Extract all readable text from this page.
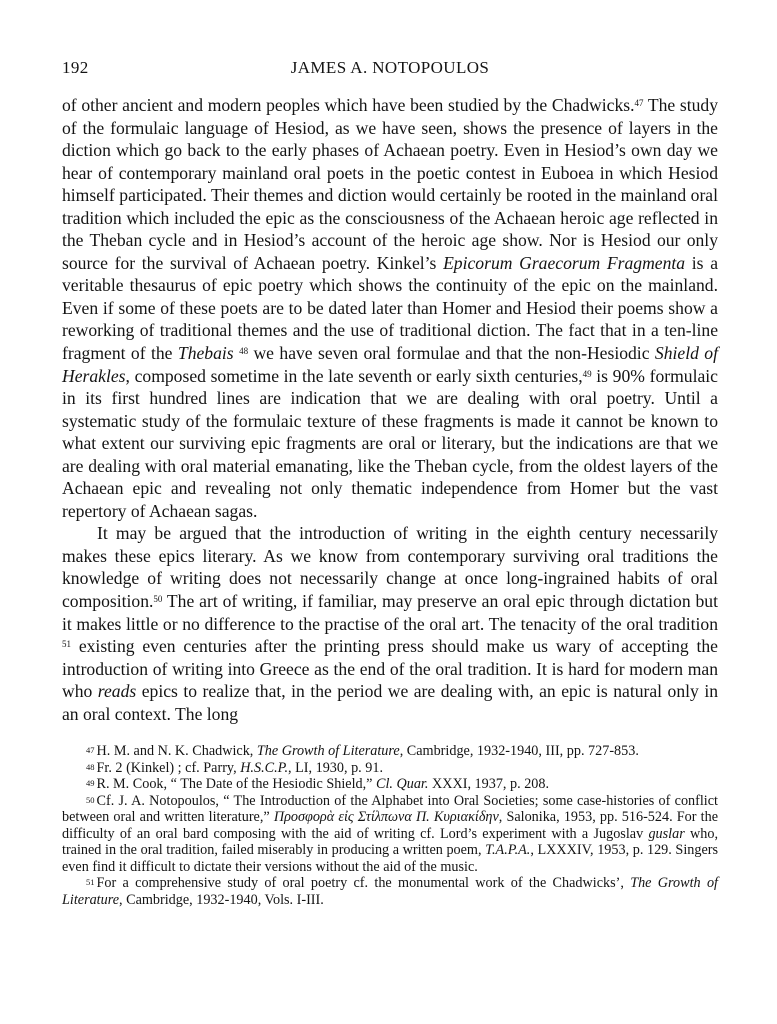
192	JAMES A. NOTOPOULOS

of other ancient and modern peoples which have been studied by the Chadwicks.$^{47}$ The study of the formulaic language of Hesiod, as we have seen, shows the presence of layers in the diction which go back to the early phases of Achaean poetry. Even in Hesiod’s own day we hear of contemporary mainland oral poets in the poetic contest in Euboea in which Hesiod himself participated. Their themes and diction would certainly be rooted in the mainland oral tradition which included the epic as the consciousness of the Achaean heroic age reflected in the Theban cycle and in Hesiod’s account of the heroic age show. Nor is Hesiod our only source for the survival of Achaean poetry. Kinkel’s Epicorum Graecorum Fragmenta is a veritable thesaurus of epic poetry which shows the continuity of the epic on the mainland. Even if some of these poets are to be dated later than Homer and Hesiod their poems show a reworking of traditional themes and the use of traditional diction. The fact that in a ten-line fragment of the Thebais $^{48}$ we have seven oral formulae and that the non-Hesiodic Shield of Herakles, composed sometime in the late seventh or early sixth centuries,$^{49}$ is 90% formulaic in its first hundred lines are indication that we are dealing with oral poetry. Until a systematic study of the formulaic texture of these fragments is made it cannot be known to what extent our surviving epic fragments are oral or literary, but the indications are that we are dealing with oral material emanating, like the Theban cycle, from the oldest layers of the Achaean epic and revealing not only thematic independence from Homer but the vast repertory of Achaean sagas.

It may be argued that the introduction of writing in the eighth century necessarily makes these epics literary. As we know from contemporary surviving oral traditions the knowledge of writing does not necessarily change at once long-ingrained habits of oral composition.$^{50}$ The art of writing, if familiar, may preserve an oral epic through dictation but it makes little or no difference to the practise of the oral art. The tenacity of the oral tradition $^{51}$ existing even centuries after the printing press should make us wary of accepting the introduction of writing into Greece as the end of the oral tradition. It is hard for modern man who reads epics to realize that, in the period we are dealing with, an epic is natural only in an oral context. The long

$^{47}$ H. M. and N. K. Chadwick, The Growth of Literature, Cambridge, 1932-1940, III, pp. 727-853.

$^{48}$ Fr. 2 (Kinkel) ; cf. Parry, H.S.C.P., LI, 1930, p. 91.

$^{49}$ R. M. Cook, “ The Date of the Hesiodic Shield,” Cl. Quar. XXXI, 1937, p. 208.

$^{50}$ Cf. J. A. Notopoulos, “ The Introduction of the Alphabet into Oral Societies; some case-histories of conflict between oral and written literature,” Προσφορὰ εἰς Στίλπωνα Π. Κυριακίδην, Salonika, 1953, pp. 516-524. For the difficulty of an oral bard composing with the aid of writing cf. Lord’s experiment with a Jugoslav guslar who, trained in the oral tradition, failed miserably in producing a written poem, T.A.P.A., LXXXIV, 1953, p. 129. Singers even find it difficult to dictate their versions without the aid of the music.

$^{51}$ For a comprehensive study of oral poetry cf. the monumental work of the Chadwicks’, The Growth of Literature, Cambridge, 1932-1940, Vols. I-III.
